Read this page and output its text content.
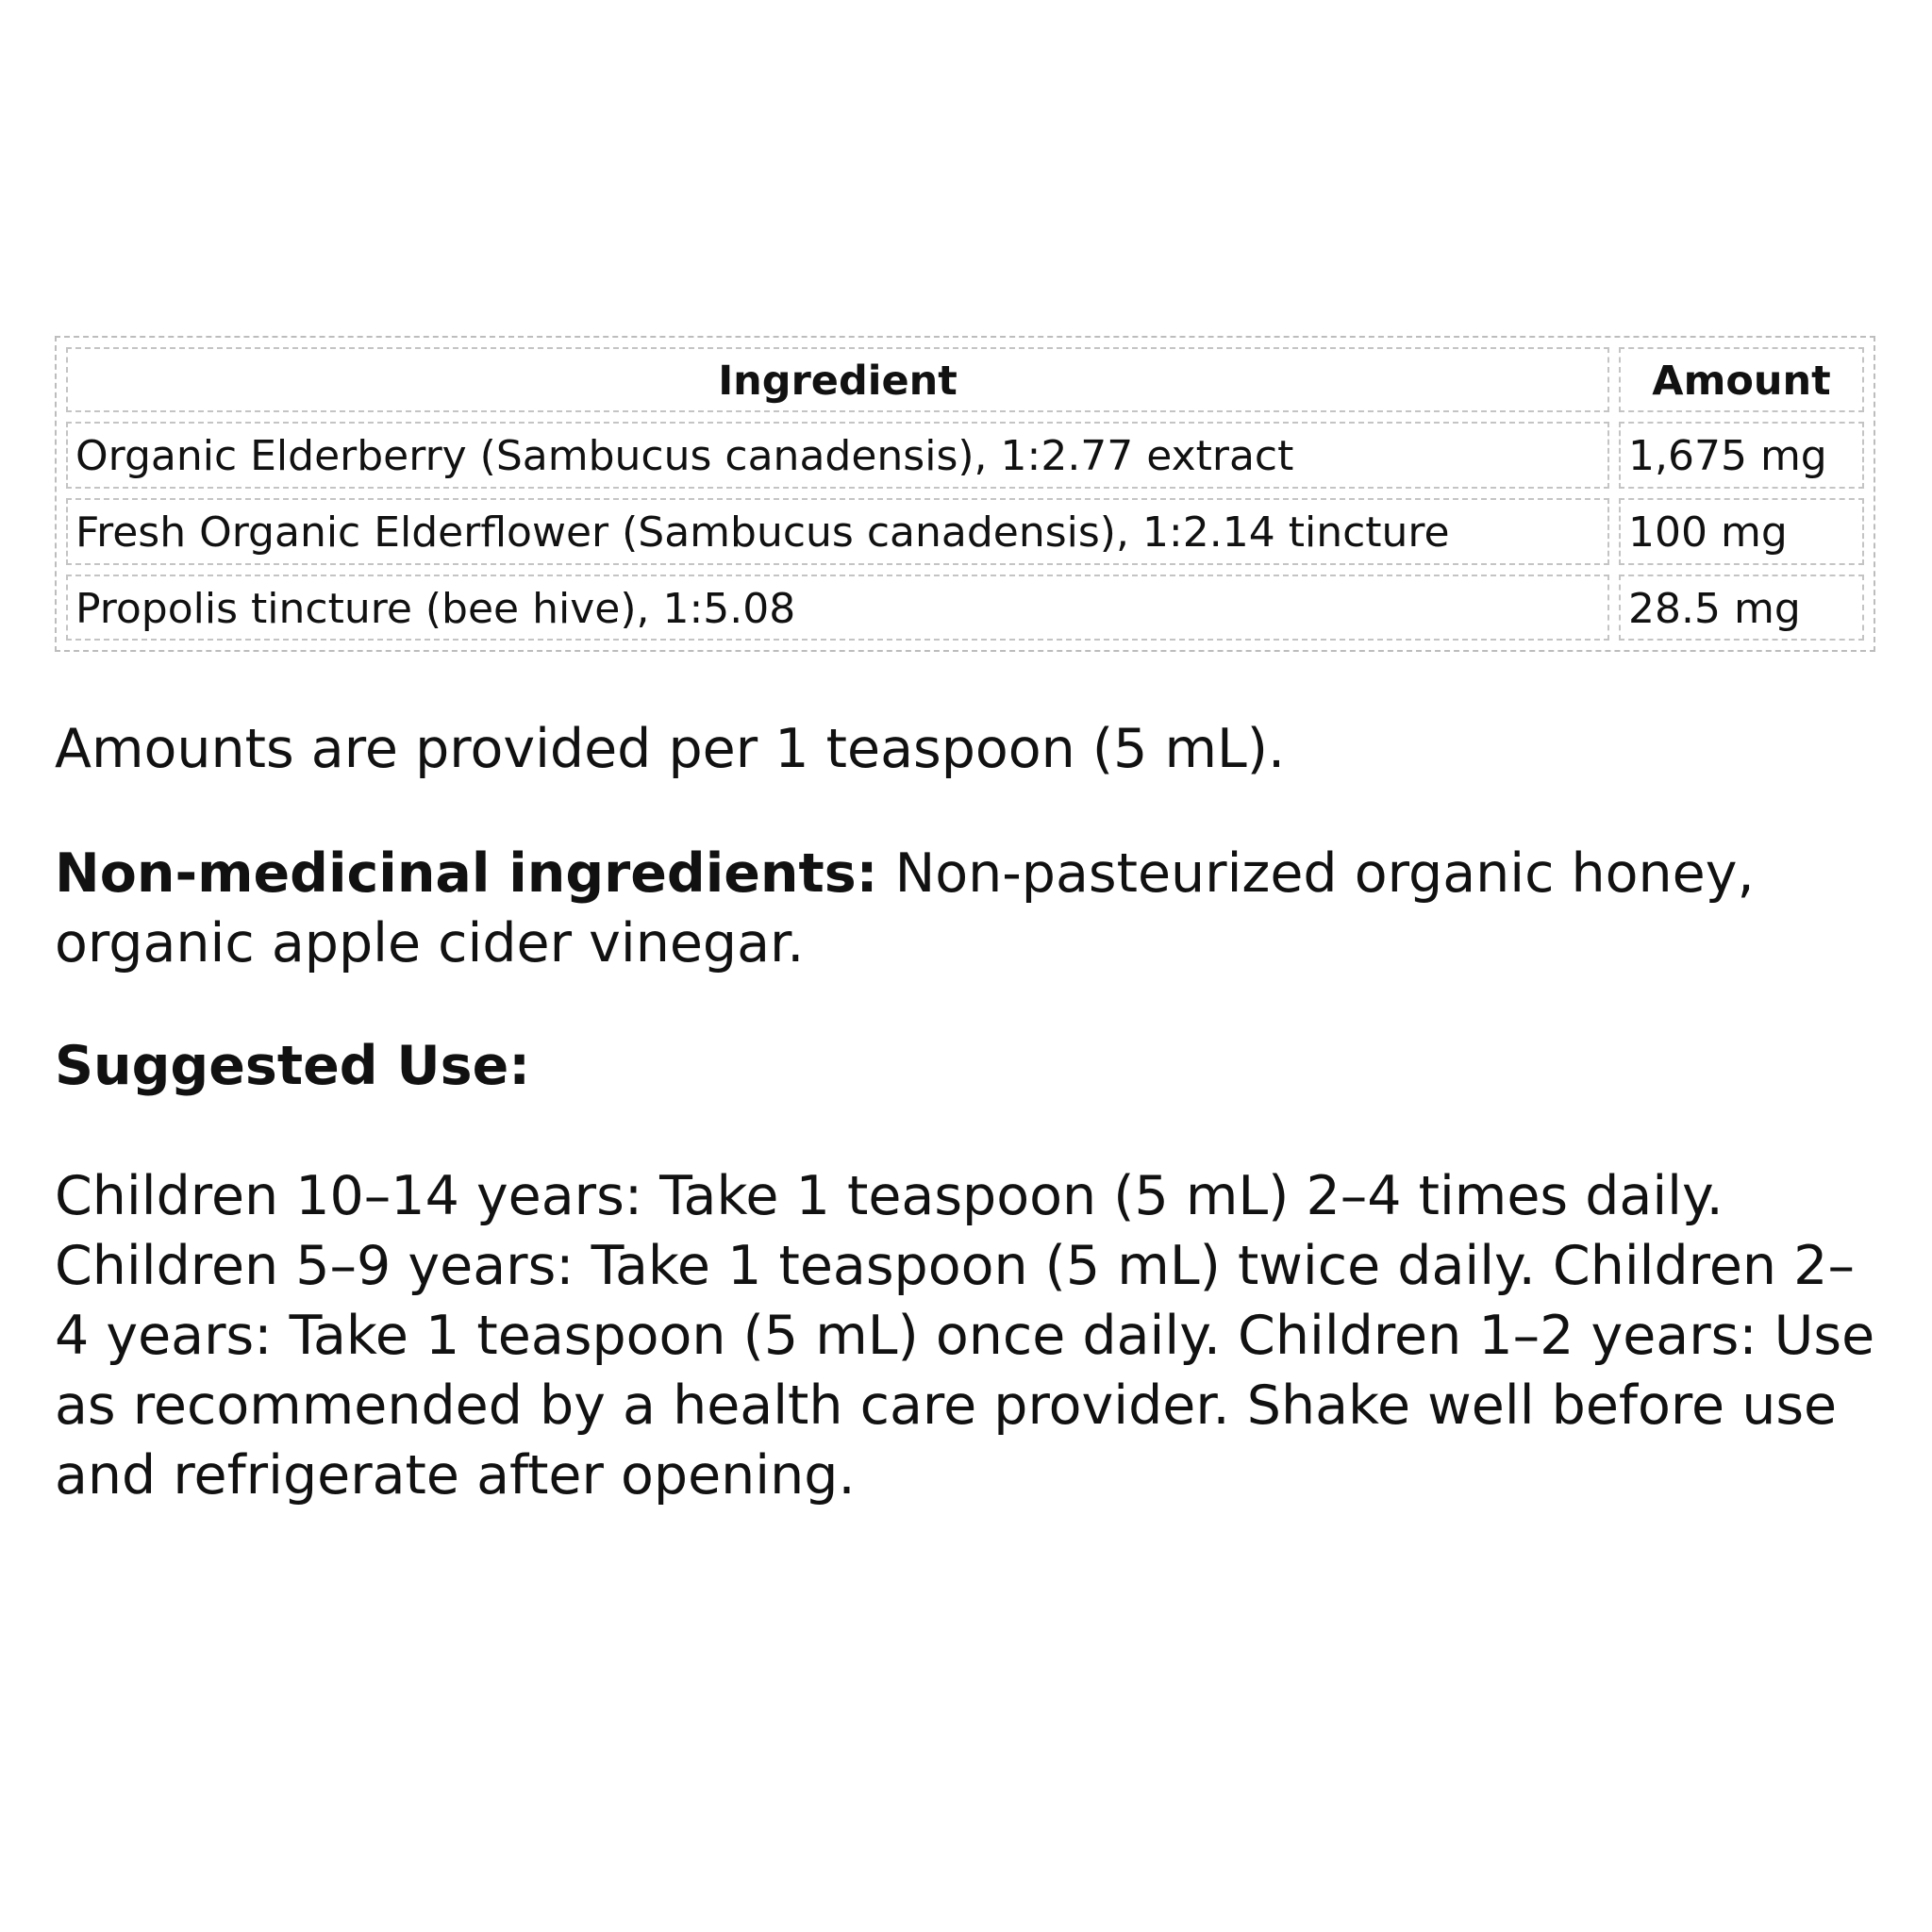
Ingredient	Amount
Organic Elderberry (Sambucus canadensis), 1:2.77 extract	1,675 mg
Fresh Organic Elderflower (Sambucus canadensis), 1:2.14 tincture	100 mg
Propolis tincture (bee hive), 1:5.08	28.5 mg

Amounts are provided per 1 teaspoon (5 mL).

Non-medicinal ingredients: Non-pasteurized organic honey, organic apple cider vinegar.

Suggested Use:

Children 10–14 years: Take 1 teaspoon (5 mL) 2–4 times daily. Children 5–9 years: Take 1 teaspoon (5 mL) twice daily. Children 2–4 years: Take 1 teaspoon (5 mL) once daily. Children 1–2 years: Use as recommended by a health care provider. Shake well before use and refrigerate after opening.
